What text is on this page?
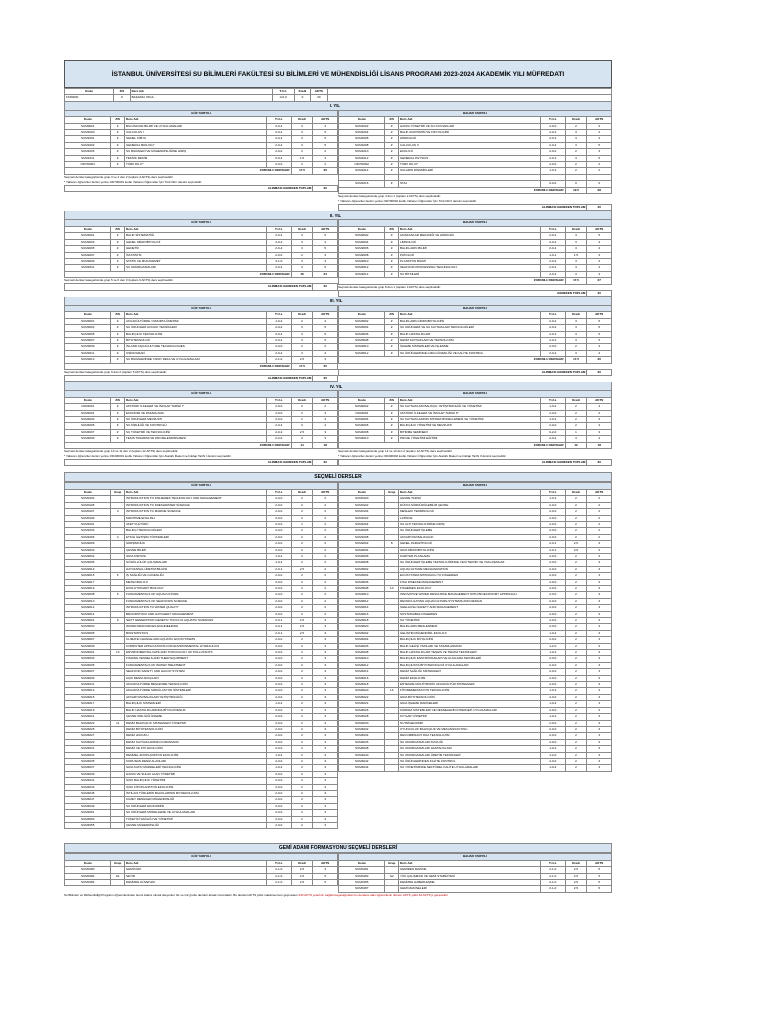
İSTANBUL ÜNİVERSİTESİ SU BİLİMLERİ FAKÜLTESİ SU BİLİMLERİ VE MÜHENDİSLİĞİ LİSANS PROGRAMI 2023-2024 AKADEMİK YILI MÜFREDATI
Kodu	Z/S	Ders Adı	T-U-L	Kredi	AKTS	
FKD0001	Z	BAŞARILI OKUL	0-0-0	0	30	
I. YIL
GÜZ YARIYILI					
Kodu	Z/S	Ders Adı	T-U-L	Kredi	AKTS
SUM0001	Z	BİLGİSAYAR BİLİMİ VE UYGULAMALARI	2-0-2	3	4
SUM1000	Z	CALCULUS I	2-0-2	3	5
SUM1001	Z	GENEL KİMYA	2-0-2	3	5
SUM1003	Z	GENERAL BIOLOGY	2-0-2	3	5
SUM1005	Z	SU BİLİMLERİ VE MÜHENDİSLİĞİNE GİRİŞ	2-0-0	2	2
SUM1011	Z	TEKNİK RESİM	0-0-2	1.5	3
OD700001	Z	TÜRK DİLİ I*	2-0-0	2	2
ZORUNLU DERSLER				17.5	26
Seçmeli dersler kategorisinde grup 3 ve 4 den 2 (toplam 4 AKTS) ders seçilmelidir.
* Yabancı öğrenciler dersin yerine OD700001 kodlu Yabancı Öğrenciler İçin Türk Dili I dersini seçmelidir.
ALINMASI GEREKEN TOPLAM	30
BAHAR YARIYILI					
Kodu	Z/S	Ders Adı	T-U-L	Kredi	AKTS
SUM1002	Z	HAVZA YÖNETİMİ VE SU KAYNAKLARI	2-0-0	2	3
SUM1004	Z	BALIK ANATOMİSİ VE FİZYOLOJİSİ	2-0-2	3	4
SUM1006	Z	HİDROLOJİ	2-0-2	3	4
SUM1008	Z	CALCULUS II	2-0-2	3	5
SUM1010	Z	EKOLOJİ	2-0-0	2	3
SUM1012	Z	GENERAL PHYSICS	2-0-2	3	5
OD700002	Z	TÜRK DİLİ II*	2-0-0	2	2
SUM1014	Z	SULARIN DİNAMİKLERİ	1-0-2	2	2

SUM1016	Z	STAJ	0-0-0	0	0
ZORUNLU DERSLER				19.5	28
Seçmeli dersler kategorisinde grup 4 den 1 (toplam 2 AKTS) ders seçilmelidir.
* Yabancı öğrenciler dersin yerine OD700002 kodlu Yabancı Öğrenciler İçin Türk Dili II dersini seçmelidir.
ALINMASI GEREKEN TOPLAM	30
II. YIL
GÜZ YARIYILI					
Kodu	Z/S	Ders Adı	T-U-L	Kredi	AKTS
SUM2001	Z	BALIK SİSTEMATİĞİ	2-0-2	3	5
SUM2003	Z	GENEL MİKROBİYOLOJİ	2-0-2	3	4
SUM2005	Z	GENETİK	2-0-2	3	5
SUM2007	Z	İSTATİSTİK	2-0-0	2	3
SUM2009	Z	STATİK VE MUKAVEMET	3-1-0	3	4
SUM2011	Z	SU OMURGASIZLARI	2-0-2	3	5
ZORUNLU DERSLER				16	24
Seçmeli dersler kategorisinde grup 5 ve 6 den 3 (toplam 6 AKTS) ders seçilmelidir.
ALINMASI GEREKEN TOPLAM	30
BAHAR YARIYILI					
Kodu	Z/S	Ders Adı	T-U-L	Kredi	AKTS
SUM2002	Z	AKIŞKANLAR MEKANİĞİ VE HİDROLİK	2-0-2	3	5
SUM2004	Z	LİMNOLOJİ	2-0-2	3	4
SUM2006	Z	BALIKLARIN BİLİMİ	2-0-2	3	4
SUM2008	Z	PATOLOJİ	1-0-1	1.5	3
SUM2010	Z	PLANKTON BİLİMİ	2-0-2	3	4
SUM2012	Z	SEAFOOD PROCESSING TECHNOLOGY	2-0-2	3	4
SUM2014	Z	SU BİTKİLERİ	2-0-2	3	3
ZORUNLU DERSLER				17.5	27
Seçmeli dersler kategorisinde grup 8 den 1 (toplam 3 AKTS) ders seçilmelidir.
GEREKEN TOPLAM	30
III. YIL
GÜZ YARIYILI					
Kodu	Z/S	Ders Adı	T-U-L	Kredi	AKTS
SUM3001	Z	AKUAKÜLTÜRDE YUMURTA ÜRETİMİ	1-0-2	2	3
SUM3003	Z	SU ÜRÜNLERİ AVCILIK TEKNİKLERİ	2-0-2	3	5
SUM3005	Z	BALIKÇILIK TEKNOLOJİSİ	2-0-2	3	5
SUM3007	Z	BİYOTEKNOLOJİ	2-0-2	3	5
SUM3009	Z	İNLAND AQUACULTURE TECHNOLOGIES	2-0-0	2	2
SUM3011	Z	OŞİNOGRAFİ	2-0-2	3	4
SUM3013	Z	SU BİLİMLERİNDE YAPAY ZEKA VE UYGULAMALARI	2-1-0	2.5	3
ZORUNLU DERSLER				17.5	25
Seçmeli dersler kategorisinde grup 9 dan 2 (toplam 5 AKTS) ders seçilmelidir.
ALINMASI GEREKEN TOPLAM	30
BAHAR YARIYILI					
Kodu	Z/S	Ders Adı	T-U-L	Kredi	AKTS
SUM3002	Z	BALIKLARIN HİDROBİYOLOJİSİ	2-0-2	3	5
SUM3004	Z	SU ÜRÜNLERİ VE SU KAYNAKLARI TEKNOLOJİLERİ	2-0-2	3	5
SUM3006	Z	BALIK HASTALIKLARI	2-0-2	3	5
SUM3008	Z	DENİZ KAYNAKLARI VE TEKNOLOJİSİ	2-0-2	3	5
SUM3010	Z	İŞLEME SİSTEMLERİ VE İŞLENME	2-0-0	2	3
SUM3012	Z	SU ÜRÜNLERİNDE GIDA GÜVENLİĞİ VE KALİTE KONTROL	2-0-2	3	4
ZORUNLU DERSLER				17.5	30
ALINMASI GEREKEN TOPLAM	30
IV. YIL
GÜZ YARIYILI					
Kodu	Z/S	Ders Adı	T-U-L	Kredi	AKTS
OD04001	Z	ATATÜRK İLKELERİ VE İNKILAP TARİHİ I*	2-0-0	2	2
SUM4001	Z	EKONOMİ VE PAZARLAMA	2-0-0	2	3
SUM4003	Z	SU ÜRÜNLERİ MEVZUATI	2-0-0	2	3
SUM4005	Z	SU KİRLİLİĞİ VE KONTROLÜ	2-0-2	3	4
SUM4007	Z	SU TÜKETİMİ VE TEKNOLOJİSİ	2-0-2	2.5	3
SUM4009	Z	TESİS TASARIMI VE PROJELENDİRİLMESİ	2-2-0	3	3
ZORUNLU DERSLER				14	18
Seçmeli dersler kategorisinde grup 10 ve 11 den 2 (toplam 12 AKTS) ders seçilmelidir.
* Yabancı öğrenciler dersin yerine OD400001 kodlu Yabancı Öğrenciler İçin Atatürk İlkeleri ve İnkılap Tarihi I dersini seçmelidir.
ALINMASI GEREKEN TOPLAM	30
BAHAR YARIYILI					
Kodu	Z/S	Ders Adı	T-U-L	Kredi	AKTS
SUM4002	Z	SU KAYNAKLARI BALIKÇIL YETİŞTİRİCİLİĞİ VE YÖNETİMİ	1-0-2	2	3
OD04002	Z	ATATÜRK İLKELERİ VE İNKILAP TARİHİ II*	2-0-0	2	2
SUM4004	Z	SU KAYNAKLARININ SİSTEM MODELLEMESİ VE YÖNETİMİ	1-0-2	2	3
SUM4006	Z	BALIKÇILIK YÖNETİMİ VE MEVZUATI	2-0-0	2	3
SUM4008	Z	BİTİRME SEMİNERİ	0-2-0	1	3
SUM4010	Z	PROJE YÖNETİMİ EĞİTİMİ	2-0-2	3	4
ZORUNLU DERSLER				12	18
Seçmeli dersler kategorisinde grup 12 ve 13 den 2 (toplam 12 AKTS) ders seçilmelidir.
* Yabancı öğrenciler dersin yerine OD400002 kodlu Yabancı Öğrenciler İçin Atatürk İlkeleri ve İnkılap Tarihi II dersini seçmelidir.
ALINMASI GEREKEN TOPLAM	30
SEÇMELİ DERSLER
GÜZ YARIYILI					
Kodu	Grup	Ders Adı	T-U-L	Kredi	AKTS
SUM0103		INTRODUCTION TO FISHERIES TECHNOLOGY AND MANAGEMENT	2-0-0	2	2
SUM0105		INTRODUCTION TO FRESHWATER SCIENCE	2-0-0	2	2
SUM0107	3	INTRODUCTION TO MARINE SCIENCE	2-0-0	2	2
SUM0109		MARITIME ENGLISH	2-0-0	2	2
SUM1001		AFET KÜLTÜRÜ	2-0-0	1	2
SUM1003		BALIKÇI TEKNOLOJİLERİ	2-0-0	2	2
SUM1006	4	ETKİLİ İLETİŞİM YÖNTEMLERİ	2-0-0	2	2
SUM2009		GİRİŞİMCİLİK	2-0-0	2	2
SUM2003		ÇEVRE BİLİMİ	2-0-0	2	2
SUM2002		GIDA KİMYASI	1-0-2	2	2
SUM2006		GÖNÜLLÜLÜK ÇALIŞMALARI	1-0-2	2	2
SUM2013		HAYVANSAL ÜRETİM BİLGİSİ	2-0-1	2.5	2
SUM2015	5	İŞ SAĞLIĞI VE GÜVENLİĞİ	2-0-0	2	2
SUM2017		METEOROLOJİ	2-0-0	2	2
SUM2019		EVOLUTIONARY BIOLOGY	2-0-0	2	2
SUM2008	6	FUNDAMENTALS OF AQUACULTURE	2-0-0	2	2
SUM2010		FUNDAMENTALS OF SEAFOODS SCIENCE	2-0-0	2	2
SUM2012		INTRODUCTION TO WATER QUALITY	2-0-0	2	2
SUM2014		BROODSTOCK AND HATCHERY MANAGEMENT	2-0-0	2	2
SUM3001	9	NEXT GENERATION GENETIC TOOLS IN AQUATIC SCIENCES	2-0-1	2.5	3
SUM3003		WATER RESOURCES ENGINEERING	2-0-1	2.5	3
SUM3005		BIOSTATISTICS	2-0-1	2.5	3
SUM3007		CLIMATE CHANGE AND AQUATIC ECOSYSTEMS	2-0-0	2	3
SUM3009		COMPUTER APPLICATIONS FOR ENVIRONMENTAL HYDRAULICS	2-0-0	2	3
SUM4001	10	ENVIRONMENTAL FATE AND TOXICOLOGY OF POLLUTANTS	2-0-0	2	3
SUM4003		FISHING VESSELS AND THEIR EQUIPMENT	2-0-0	2	3
SUM4005		FUNDAMENTALS OF WATER TREATMENT	2-0-0	2	3
SUM4007		SEAFOOD SAFETY AND HACCP SYSTEM	2-0-0	2	3
SUM4009		AÇIK DENİZ ARAÇLARI	2-0-0	2	3
SUM4011		AKUAKÜLTÜRDE BESLENME TEKNOLOJİSİ	2-0-0	2	3
SUM4013		AKUAKÜLTÜRDE SİRKÜLASYON SİSTEMLERİ	2-0-0	2	3
SUM4015		AKVARYUM BALIKLARI YETİŞTİRİCİLİĞİ	2-0-0	2	3
SUM4017		BALIKÇILIK SİSTEMLERİ	1-0-2	2	3
SUM4019		BALIK HASTALIKLARINDA BİYOGÜVENLİK	2-0-0	2	3
SUM4021		ÇEVRE KİRLİLİĞİ İZLEME	2-0-0	2	3
SUM4023	11	DENİZ BALIKÇILIK SİSTEMLERİ YÖNETİMİ	2-0-0	2	3
SUM4025		DENİZ BİYOTEKNOLOJİSİ	2-0-0	2	3
SUM4027		DENİZ HUKUKU	2-0-0	2	3
SUM4029		DENİZ KAYNAKLARININ KORUNMASI	2-0-0	2	3
SUM4031		DENİZ VE KIYI EKOLOJİSİ	2-0-0	2	3
SUM4033		DENİZEL ZOOPLANKTON EKOLOJİSİ	1-0-2	2	3
SUM4035		KORUNAN DENİZ ALANLARI	2-0-0	2	3
SUM4037		GIDA KATKI MADDELERİ TEKNOLOJİSİ	1-0-2	2	3
SUM4039		HAVZA VE SULAK ALAN YÖNETİMİ	2-0-0	2	3
SUM4041		İÇSU BALIKÇILIK YÖNETİMİ	2-0-0	2	3
SUM4043		İÇSU FİTOPLANKTON EKOLOJİSİ	2-0-0	2	3
SUM4045		İSTİLACI TÜRLERİN BALIKLARININ BİYOEKOLOJİSİ	2-0-0	2	3
SUM4047		KUZEY DENİZLER MÜHENDİSLİĞİ	2-0-0	2	3
SUM4049		SU ÜRÜNLERİ EKONOMİSİ	2-0-0	2	3
SUM4051		SU ÜRÜNLERİ MODELLEME VE UYGULAMALARI	2-0-0	2	3
SUM4053		TÜKETİCİ SAĞLIĞI VE YÖNETİMİ	2-0-0	2	3
SUM4055		ÇEVRE MÜHENDİSLİĞİ	2-0-0	2	3
BAHAR YARIYILI					
Kodu	Grup	Ders Adı	T-U-L	Kredi	AKTS
SUM0100		ÇEVRE TARİHİ	1-0-2	2	2
SUM0102		DÜNYA SÜRDÜRÜLEBİLİR ÇEVRE	2-0-0	2	2
SUM0104		MESLEKİ TERMİNOLOJİ	2-0-0	2	2
SUM1002		LATİNCE	2-0-0	2	2
SUM1004		SU ALTI TEKNOLOJİSİNE GİRİŞ	2-0-0	2	2
SUM1006		SU ÜRÜNLERİ İŞLEME	2-0-0	2	2
SUM1008		AKVARYUM BALIKÇILIK	2-0-0	2	2
SUM2002	8	GENEL PARAZİTOLOJİ	2-0-1	2.5	3
SUM2004		GIDA MİKROBİYOLOJİSİ	2-0-1	2.5	3
SUM2006		KARİYER PLANLAMA	2-0-0	2	3
SUM2008		SU ÜRÜNLERİ İŞLEME TEKNOLOJİSİNDE YENİ TEKNİK VE YAKLAŞIMLAR	2-0-0	2	3
SUM3002		AQUACULTURE MECHANIZATION	2-0-0	2	3
SUM3004		ECOSYSTEM APPROACH TO FISHERIES	2-0-0	2	3
SUM3006		FISH DISEASE MANAGEMENT	2-0-0	2	3
SUM3008	10	FISHERIES ECOLOGY	2-0-0	2	3
SUM3010		INNOVATIVE WATER RESOURCE MANAGEMENT WITH BIOECONOMY APPROACH	2-0-0	2	3
SUM3012		RECIRCULATING AQUACULTURE SYSTEMS AND DESIGN	2-0-0	2	3
SUM3014		SHELLFISH SAFETY AND MANAGEMENT	2-0-0	2	3
SUM3016		SUSTAINABLE FISHERIES	2-0-0	2	3
SUM3018		SU YÖNETİMİ	2-0-0	2	3
SUM3020		BALIKLARIN BESLENMESİ	2-0-0	2	3
SUM4002		GELİŞTİR MÜHENDİSİL EKOLOJİ	1-0-2	2	3
SUM4004		BALIKÇILIK BİYOLOJİSİ	2-0-0	2	3
SUM4006		BALIK GELİŞİ YAPILARI VE TASARLANMASI	1-2-0	2	3
SUM4008		BALIK HASTALIKLARI TEŞHİS VE TEDAVİ TEKNİKLERİ	1-0-2	2	3
SUM4010		BALIKÇILIK ENSTRÜMANLARI VE ALGILAMA TEKNİKLERİ	2-0-0	2	3
SUM4012		BALIKÇILIKTA BİYOTEKNOLOJİ UYGULAMALARI	2-0-0	2	3
SUM4014		DENİZ SAĞLIĞI SİSTEMLERİ	2-0-0	2	3
SUM4016		DENİZ EKOLOJİSİ	2-0-0	2	3
SUM4018		ENTEGRE MULTİTROFİK AKUAKÜLTÜR SİSTEMLERİ	2-0-0	2	3
SUM4020	13	FİTOREMEDİASYON TEKNOLOJİSİ	1-0-2	2	3
SUM4022		GIDA BİYOTEKNOLOJİSİ	2-0-0	2	3
SUM4024		GIDA İŞLEME MAKİNELERİ	1-0-2	2	3
SUM4026		KÖRFEZ SİSTEMLERİ VE NESNELERİN İNTERNETİ UYGULAMALARI	2-0-0	2	3
SUM4028		KIYILAR YÖNETİMİ	1-0-2	2	3
SUM4030		NUTRİGENOMİK	2-0-0	2	3
SUM4032		OYUNCULUK BALIKÇILIK VE MEKANİZASYONU	2-0-0	2	3
SUM4034		RECOMBINANT DNA TEKNOLOJİSİ	2-0-0	2	3
SUM4036		SU OMURGASIZLARI AVCILIĞI	2-0-0	2	3
SUM4038		SU OMURGASIZLARI HASTALIKLARI	1-0-2	2	3
SUM4040		SU OMURGASIZLARI ÜRETİM TEKNİKLERİ	1-2-0	2	3
SUM4042		SU ÜRÜNLERİNDEN KALİTE KONTROL	2-0-0	2	3
SUM4044		SU YÖNETİMİNDE SEKTÖREL KALİTE UYGULAMALARI	1-0-2	2	3
GEMİ ADAMI FORMASYONU SEÇMELİ DERSLERİ
GÜZ YARIYILI					
Kodu	Grup	Ders Adı	T-U-L	Kredi	AKTS
SUM0180		GEMİCİLİK	2-1-0	2.5	3
SUM0182	G1	SEYİR	2-1-0	2.5	5
SUM0184		DENİZDE GÜVENLİK	2-1-0	2.5	5
BAHAR YARIYILI					
Kodu	Grup	Ders Adı	T-U-L	Kredi	AKTS
SUM0181		GEMİDEN MAKİNE	2-1-0	2.5	5
SUM0183	G2	YÜK ÇALIŞMASI VE GEMİ STABİLİTESİ	2-1-0	2.5	5
SUM0185		DENİZDE HABERLEŞME	2-1-0	2.5	5
SUM0187		GEMİ MAKİNELERİ	2-1-0	2.5	5
Su Bilimleri ve Mühendisliği Programı öğrencilerinden Gemi Adamı olmak isteyenler G1 ve G2 grubu dersleri almak zorundadır. Bu dersleri AKTS yükü maksimumum geçmeden 240 AKTS yeterinin sağlanmayacağından bu derslere alan öğrencilerin dönem AKTS yükü 40 AKTS'yi geçecektir.
